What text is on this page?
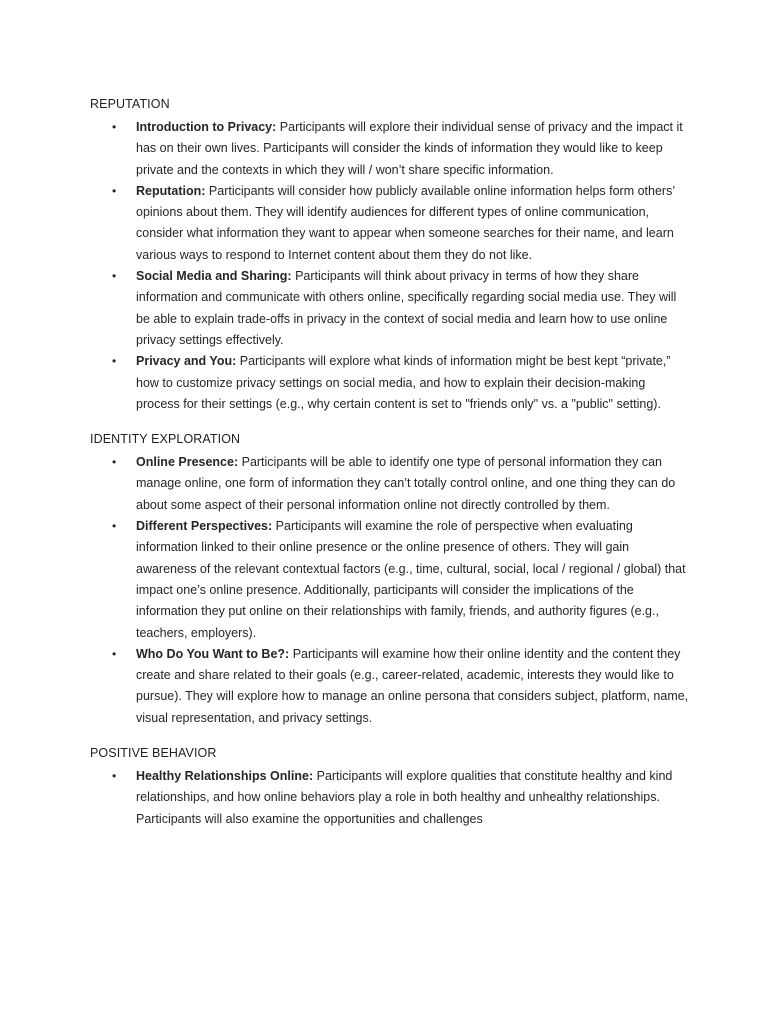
REPUTATION
• Introduction to Privacy: Participants will explore their individual sense of privacy and the impact it has on their own lives. Participants will consider the kinds of information they would like to keep private and the contexts in which they will / won’t share specific information.
• Reputation: Participants will consider how publicly available online information helps form others’ opinions about them. They will identify audiences for different types of online communication, consider what information they want to appear when someone searches for their name, and learn various ways to respond to Internet content about them they do not like.
• Social Media and Sharing: Participants will think about privacy in terms of how they share information and communicate with others online, specifically regarding social media use. They will be able to explain trade-offs in privacy in the context of social media and learn how to use online privacy settings effectively.
• Privacy and You: Participants will explore what kinds of information might be best kept “private,” how to customize privacy settings on social media, and how to explain their decision-making process for their settings (e.g., why certain content is set to "friends only" vs. a "public" setting).
IDENTITY EXPLORATION
• Online Presence: Participants will be able to identify one type of personal information they can manage online, one form of information they can’t totally control online, and one thing they can do about some aspect of their personal information online not directly controlled by them.
• Different Perspectives: Participants will examine the role of perspective when evaluating information linked to their online presence or the online presence of others. They will gain awareness of the relevant contextual factors (e.g., time, cultural, social, local / regional / global) that impact one’s online presence. Additionally, participants will consider the implications of the information they put online on their relationships with family, friends, and authority figures (e.g., teachers, employers).
• Who Do You Want to Be?: Participants will examine how their online identity and the content they create and share related to their goals (e.g., career-related, academic, interests they would like to pursue). They will explore how to manage an online persona that considers subject, platform, name, visual representation, and privacy settings.
POSITIVE BEHAVIOR
• Healthy Relationships Online: Participants will explore qualities that constitute healthy and kind relationships, and how online behaviors play a role in both healthy and unhealthy relationships. Participants will also examine the opportunities and challenges
